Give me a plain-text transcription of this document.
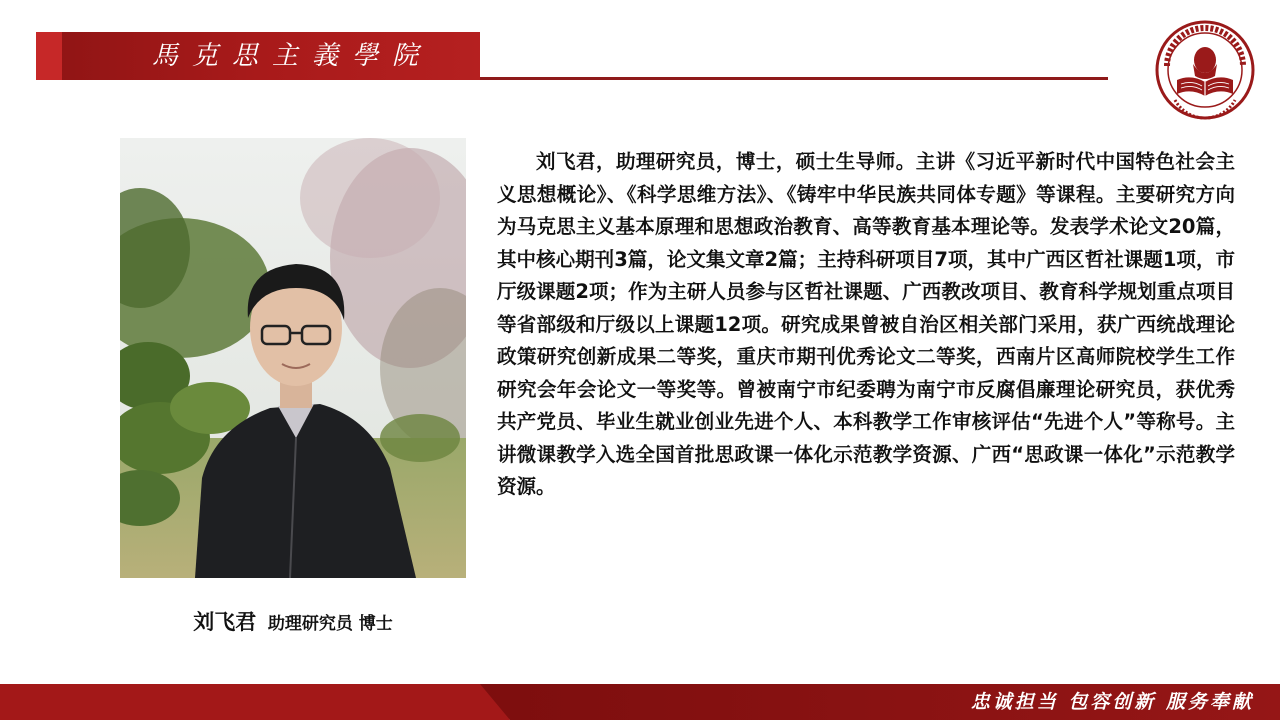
馬克思主義學院
刘飞君 助理研究员 博士

刘飞君，助理研究员，博士，硕士生导师。主讲《习近平新时代中国特色社会主义思想概论》、《科学思维方法》、《铸牢中华民族共同体专题》等课程。主要研究方向为马克思主义基本原理和思想政治教育、高等教育基本理论等。发表学术论文20篇，其中核心期刊3篇，论文集文章2篇；主持科研项目7项，其中广西区哲社课题1项，市厅级课题2项；作为主研人员参与区哲社课题、广西教改项目、教育科学规划重点项目等省部级和厅级以上课题12项。研究成果曾被自治区相关部门采用，获广西统战理论政策研究创新成果二等奖，重庆市期刊优秀论文二等奖，西南片区高师院校学生工作研究会年会论文一等奖等。曾被南宁市纪委聘为南宁市反腐倡廉理论研究员，获优秀共产党员、毕业生就业创业先进个人、本科教学工作审核评估“先进个人”等称号。主讲微课教学入选全国首批思政课一体化示范教学资源、广西“思政课一体化”示范教学资源。

忠诚担当 包容创新 服务奉献
